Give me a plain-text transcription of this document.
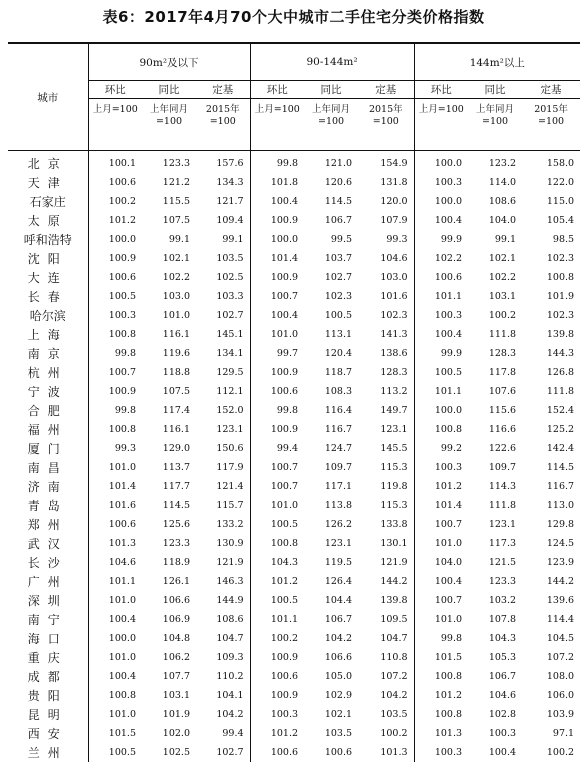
表6：2017年4月70个大中城市二手住宅分类价格指数
城市	90m²及以下			90-144m²			144m²以上		
	环比	同比	定基	环比	同比	定基	环比	同比	定基
	上月=100	上年同月=100	2015年=100	上月=100	上年同月=100	2015年=100	上月=100	上年同月=100	2015年=100
北京	100.1	123.3	157.6	99.8	121.0	154.9	100.0	123.2	158.0
天津	100.6	121.2	134.3	101.8	120.6	131.8	100.3	114.0	122.0
石家庄	100.2	115.5	121.7	100.4	114.5	120.0	100.0	108.6	115.0
太原	101.2	107.5	109.4	100.9	106.7	107.9	100.4	104.0	105.4
呼和浩特	100.0	99.1	99.1	100.0	99.5	99.3	99.9	99.1	98.5
沈阳	100.9	102.1	103.5	101.4	103.7	104.6	102.2	102.1	102.3
大连	100.6	102.2	102.5	100.9	102.7	103.0	100.6	102.2	100.8
长春	100.5	103.0	103.3	100.7	102.3	101.6	101.1	103.1	101.9
哈尔滨	100.3	101.0	102.7	100.4	100.5	102.3	100.3	100.2	102.3
上海	100.8	116.1	145.1	101.0	113.1	141.3	100.4	111.8	139.8
南京	99.8	119.6	134.1	99.7	120.4	138.6	99.9	128.3	144.3
杭州	100.7	118.8	129.5	100.9	118.7	128.3	100.5	117.8	126.8
宁波	100.9	107.5	112.1	100.6	108.3	113.2	101.1	107.6	111.8
合肥	99.8	117.4	152.0	99.8	116.4	149.7	100.0	115.6	152.4
福州	100.8	116.1	123.1	100.9	116.7	123.1	100.8	116.6	125.2
厦门	99.3	129.0	150.6	99.4	124.7	145.5	99.2	122.6	142.4
南昌	101.0	113.7	117.9	100.7	109.7	115.3	100.3	109.7	114.5
济南	101.4	117.7	121.4	100.7	117.1	119.8	101.2	114.3	116.7
青岛	101.6	114.5	115.7	101.0	113.8	115.3	101.4	111.8	113.0
郑州	100.6	125.6	133.2	100.5	126.2	133.8	100.7	123.1	129.8
武汉	101.3	123.3	130.9	100.8	123.1	130.1	101.0	117.3	124.5
长沙	104.6	118.9	121.9	104.3	119.5	121.9	104.0	121.5	123.9
广州	101.1	126.1	146.3	101.2	126.4	144.2	100.4	123.3	144.2
深圳	101.0	106.6	144.9	100.5	104.4	139.8	100.7	103.2	139.6
南宁	100.4	106.9	108.6	101.1	106.7	109.5	101.0	107.8	114.4
海口	100.0	104.8	104.7	100.2	104.2	104.7	99.8	104.3	104.5
重庆	101.0	106.2	109.3	100.9	106.6	110.8	101.5	105.3	107.2
成都	100.4	107.7	110.2	100.6	105.0	107.2	100.8	106.7	108.0
贵阳	100.8	103.1	104.1	100.9	102.9	104.2	101.2	104.6	106.0
昆明	101.0	101.9	104.2	100.3	102.1	103.5	100.8	102.8	103.9
西安	101.5	102.0	99.4	101.2	103.5	100.2	101.3	100.3	97.1
兰州	100.5	102.5	102.7	100.6	100.6	101.3	100.3	100.4	100.2
